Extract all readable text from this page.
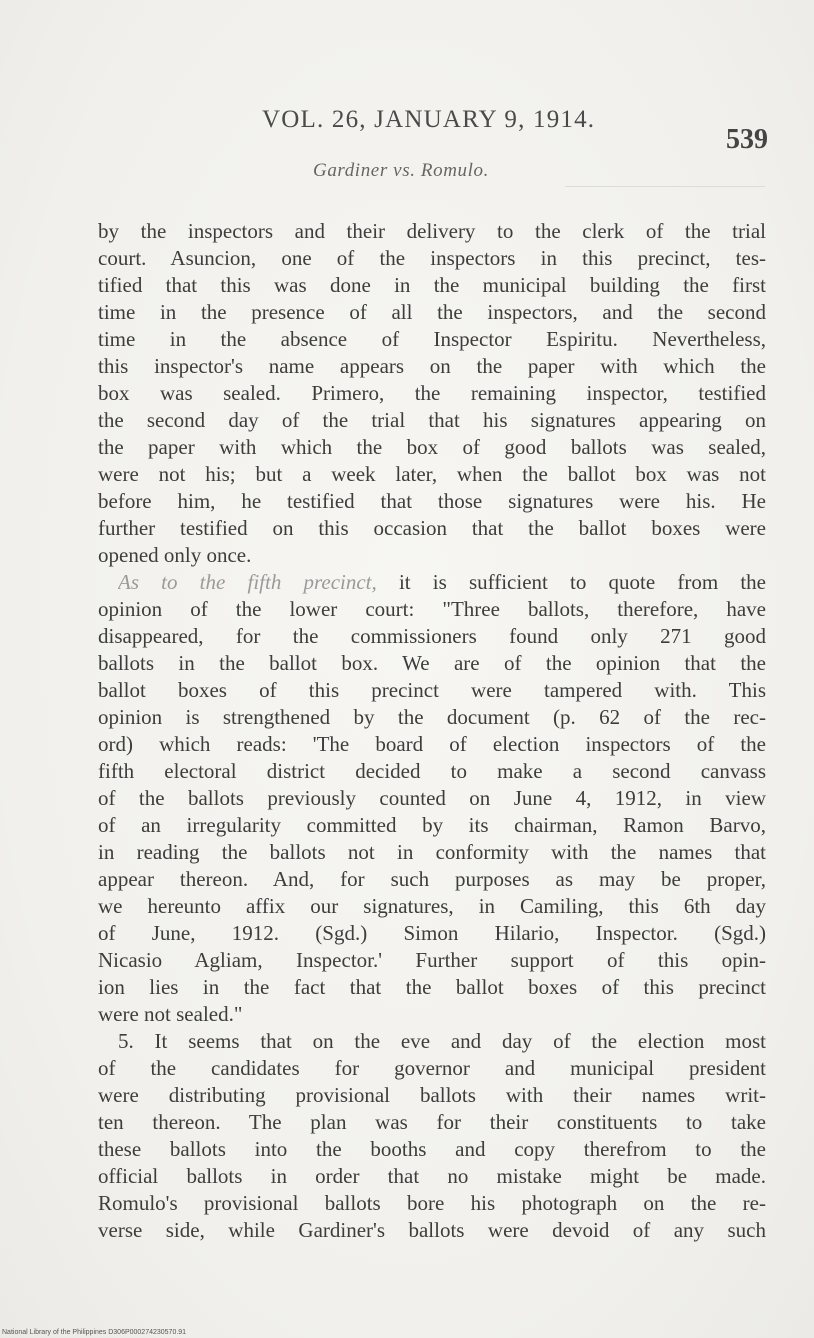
VOL. 26, JANUARY 9, 1914.
539
Gardiner vs. Romulo.
by the inspectors and their delivery to the clerk of the trial
court. Asuncion, one of the inspectors in this precinct, tes-
tified that this was done in the municipal building the first
time in the presence of all the inspectors, and the second
time in the absence of Inspector Espiritu. Nevertheless,
this inspector's name appears on the paper with which the
box was sealed. Primero, the remaining inspector, testified
the second day of the trial that his signatures appearing on
the paper with which the box of good ballots was sealed,
were not his; but a week later, when the ballot box was not
before him, he testified that those signatures were his. He
further testified on this occasion that the ballot boxes were
opened only once.
As to the fifth precinct, it is sufficient to quote from the
opinion of the lower court: "Three ballots, therefore, have
disappeared, for the commissioners found only 271 good
ballots in the ballot box. We are of the opinion that the
ballot boxes of this precinct were tampered with. This
opinion is strengthened by the document (p. 62 of the rec-
ord) which reads: 'The board of election inspectors of the
fifth electoral district decided to make a second canvass
of the ballots previously counted on June 4, 1912, in view
of an irregularity committed by its chairman, Ramon Barvo,
in reading the ballots not in conformity with the names that
appear thereon. And, for such purposes as may be proper,
we hereunto affix our signatures, in Camiling, this 6th day
of June, 1912. (Sgd.) Simon Hilario, Inspector. (Sgd.)
Nicasio Agliam, Inspector.' Further support of this opin-
ion lies in the fact that the ballot boxes of this precinct
were not sealed."
5. It seems that on the eve and day of the election most
of the candidates for governor and municipal president
were distributing provisional ballots with their names writ-
ten thereon. The plan was for their constituents to take
these ballots into the booths and copy therefrom to the
official ballots in order that no mistake might be made.
Romulo's provisional ballots bore his photograph on the re-
verse side, while Gardiner's ballots were devoid of any such
National Library of the Philippines D306P000274230570.91
